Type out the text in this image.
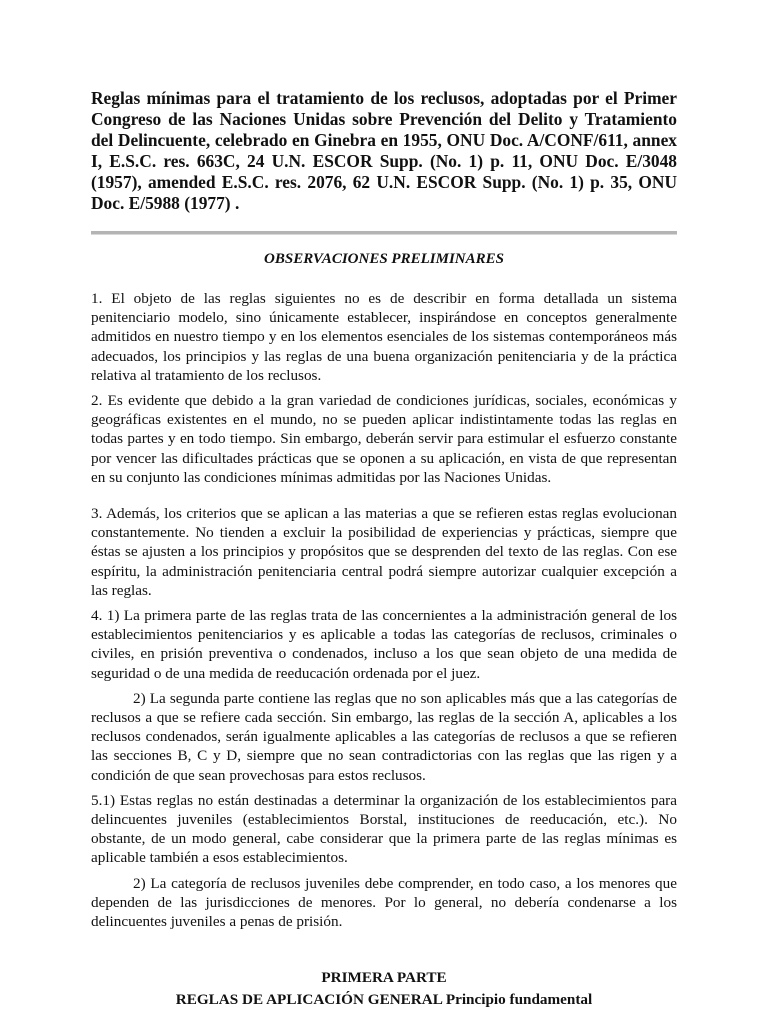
Reglas mínimas para el tratamiento de los reclusos, adoptadas por el Primer Congreso de las Naciones Unidas sobre Prevención del Delito y Tratamiento del Delincuente, celebrado en Ginebra en 1955, ONU Doc. A/CONF/611, annex I, E.S.C. res. 663C, 24 U.N. ESCOR Supp. (No. 1) p. 11, ONU Doc. E/3048 (1957), amended E.S.C. res. 2076, 62 U.N. ESCOR Supp. (No. 1) p. 35, ONU Doc. E/5988 (1977) .

OBSERVACIONES PRELIMINARES

1. El objeto de las reglas siguientes no es de describir en forma detallada un sistema penitenciario modelo, sino únicamente establecer, inspirándose en conceptos generalmente admitidos en nuestro tiempo y en los elementos esenciales de los sistemas contemporáneos más adecuados, los principios y las reglas de una buena organización penitenciaria y de la práctica relativa al tratamiento de los reclusos.

2. Es evidente que debido a la gran variedad de condiciones jurídicas, sociales, económicas y geográficas existentes en el mundo, no se pueden aplicar indistintamente todas las reglas en todas partes y en todo tiempo. Sin embargo, deberán servir para estimular el esfuerzo constante por vencer las dificultades prácticas que se oponen a su aplicación, en vista de que representan en su conjunto las condiciones mínimas admitidas por las Naciones Unidas.

3. Además, los criterios que se aplican a las materias a que se refieren estas reglas evolucionan constantemente. No tienden a excluir la posibilidad de experiencias y prácticas, siempre que éstas se ajusten a los principios y propósitos que se desprenden del texto de las reglas. Con ese espíritu, la administración penitenciaria central podrá siempre autorizar cualquier excepción a las reglas.

4. 1) La primera parte de las reglas trata de las concernientes a la administración general de los establecimientos penitenciarios y es aplicable a todas las categorías de reclusos, criminales o civiles, en prisión preventiva o condenados, incluso a los que sean objeto de una medida de seguridad o de una medida de reeducación ordenada por el juez.

2) La segunda parte contiene las reglas que no son aplicables más que a las categorías de reclusos a que se refiere cada sección. Sin embargo, las reglas de la sección A, aplicables a los reclusos condenados, serán igualmente aplicables a las categorías de reclusos a que se refieren las secciones B, C y D, siempre que no sean contradictorias con las reglas que las rigen y a condición de que sean provechosas para estos reclusos.

5.1) Estas reglas no están destinadas a determinar la organización de los establecimientos para delincuentes juveniles (establecimientos Borstal, instituciones de reeducación, etc.). No obstante, de un modo general, cabe considerar que la primera parte de las reglas mínimas es aplicable también a esos establecimientos.

2) La categoría de reclusos juveniles debe comprender, en todo caso, a los menores que dependen de las jurisdicciones de menores. Por lo general, no debería condenarse a los delincuentes juveniles a penas de prisión.

PRIMERA PARTE

REGLAS DE APLICACIÓN GENERAL Principio fundamental
